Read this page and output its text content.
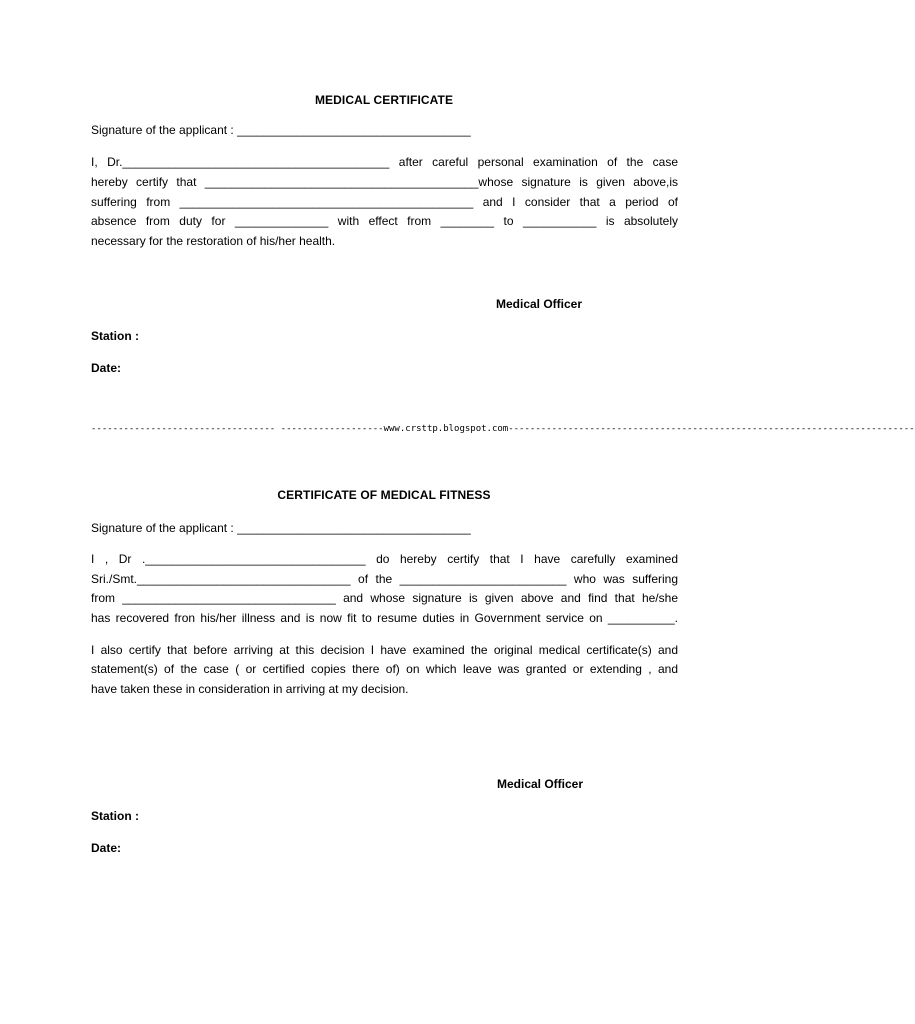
MEDICAL CERTIFICATE
Signature of the applicant : ___________________________________
I, Dr.________________________________________ after careful personal examination of the case
hereby certify that _________________________________________whose signature is given above,is
suffering from ____________________________________________ and I consider that a period of
absence from duty for ______________ with effect from ________ to ___________ is absolutely
necessary for the restoration of his/her health.
Medical Officer
Station :
Date:
---------------------------------- -------------------www.crsttp.blogspot.com---------------------------------------------------------------------------
CERTIFICATE OF MEDICAL FITNESS
Signature of the applicant : ___________________________________
I , Dr ._________________________________ do hereby certify that I have carefully examined
Sri./Smt.________________________________ of the _________________________ who was suffering
from ________________________________ and whose signature is given above and find that he/she
has recovered fron his/her illness and is now fit to resume duties in Government service on __________.
I also certify that before arriving at this decision I have examined the original medical certificate(s) and
statement(s) of the case ( or certified copies there of) on which leave was granted or extending , and
have taken these in consideration in arriving at my decision.
Medical Officer
Station :
Date:
